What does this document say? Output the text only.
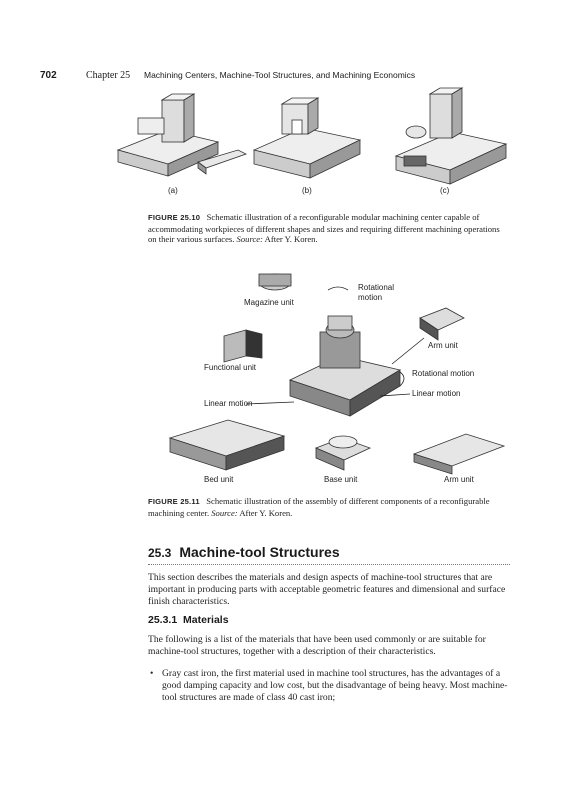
702	Chapter 25 Machining Centers, Machine-Tool Structures, and Machining Economics
(a)	(b)	(c)
FIGURE 25.10 Schematic illustration of a reconfigurable modular machining center capable of accommodating workpieces of different shapes and sizes and requiring different machining operations on their various surfaces. Source: After Y. Koren.
Magazine unit
Rotational
motion
Arm unit
Functional unit
Rotational motion
Linear motion
Linear motion
Bed unit	Base unit	Arm unit
FIGURE 25.11 Schematic illustration of the assembly of different components of a reconfigurable machining center. Source: After Y. Koren.
25.3 Machine-tool Structures
This section describes the materials and design aspects of machine-tool structures that are important in producing parts with acceptable geometric features and dimensional and surface finish characteristics.
25.3.1 Materials
The following is a list of the materials that have been used commonly or are suitable for machine-tool structures, together with a description of their characteristics.
• Gray cast iron, the first material used in machine tool structures, has the advantages of a good damping capacity and low cost, but the disadvantage of being heavy. Most machine-tool structures are made of class 40 cast iron;
